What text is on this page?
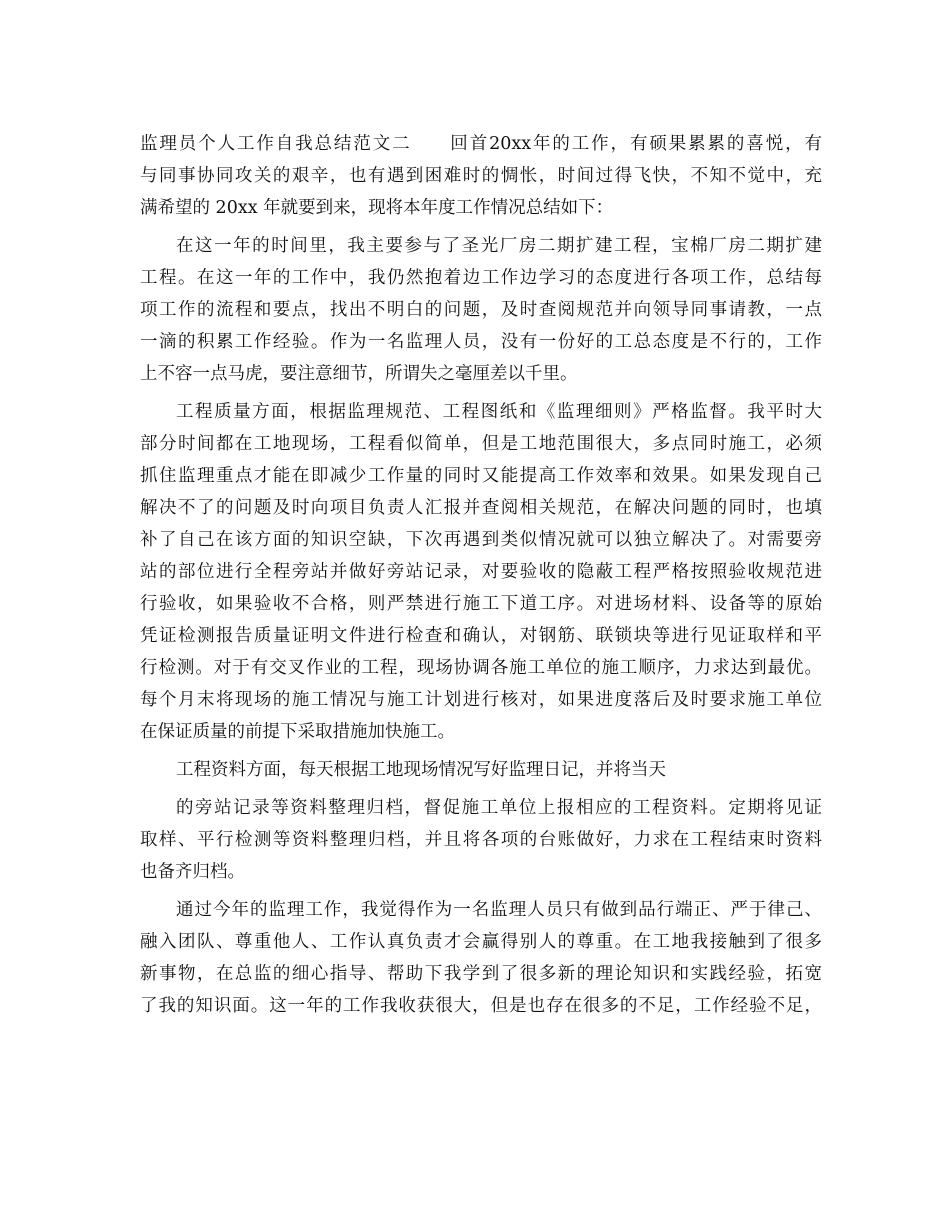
监理员个人工作自我总结范文二　　回首20xx年的工作，有硕果累累的喜悦，有
与同事协同攻关的艰辛，也有遇到困难时的惆怅，时间过得飞快，不知不觉中，充
满希望的 20xx 年就要到来，现将本年度工作情况总结如下：
在这一年的时间里，我主要参与了圣光厂房二期扩建工程，宝棉厂房二期扩建
工程。在这一年的工作中，我仍然抱着边工作边学习的态度进行各项工作，总结每
项工作的流程和要点，找出不明白的问题，及时查阅规范并向领导同事请教，一点
一滴的积累工作经验。作为一名监理人员，没有一份好的工总态度是不行的，工作
上不容一点马虎，要注意细节，所谓失之毫厘差以千里。
工程质量方面，根据监理规范、工程图纸和《监理细则》严格监督。我平时大
部分时间都在工地现场，工程看似简单，但是工地范围很大，多点同时施工，必须
抓住监理重点才能在即减少工作量的同时又能提高工作效率和效果。如果发现自己
解决不了的问题及时向项目负责人汇报并查阅相关规范，在解决问题的同时，也填
补了自己在该方面的知识空缺，下次再遇到类似情况就可以独立解决了。对需要旁
站的部位进行全程旁站并做好旁站记录，对要验收的隐蔽工程严格按照验收规范进
行验收，如果验收不合格，则严禁进行施工下道工序。对进场材料、设备等的原始
凭证检测报告质量证明文件进行检查和确认，对钢筋、联锁块等进行见证取样和平
行检测。对于有交叉作业的工程，现场协调各施工单位的施工顺序，力求达到最优。
每个月末将现场的施工情况与施工计划进行核对，如果进度落后及时要求施工单位
在保证质量的前提下采取措施加快施工。
工程资料方面，每天根据工地现场情况写好监理日记，并将当天
的旁站记录等资料整理归档，督促施工单位上报相应的工程资料。定期将见证
取样、平行检测等资料整理归档，并且将各项的台账做好，力求在工程结束时资料
也备齐归档。
通过今年的监理工作，我觉得作为一名监理人员只有做到品行端正、严于律己、
融入团队、尊重他人、工作认真负责才会赢得别人的尊重。在工地我接触到了很多
新事物，在总监的细心指导、帮助下我学到了很多新的理论知识和实践经验，拓宽
了我的知识面。这一年的工作我收获很大，但是也存在很多的不足，工作经验不足，
